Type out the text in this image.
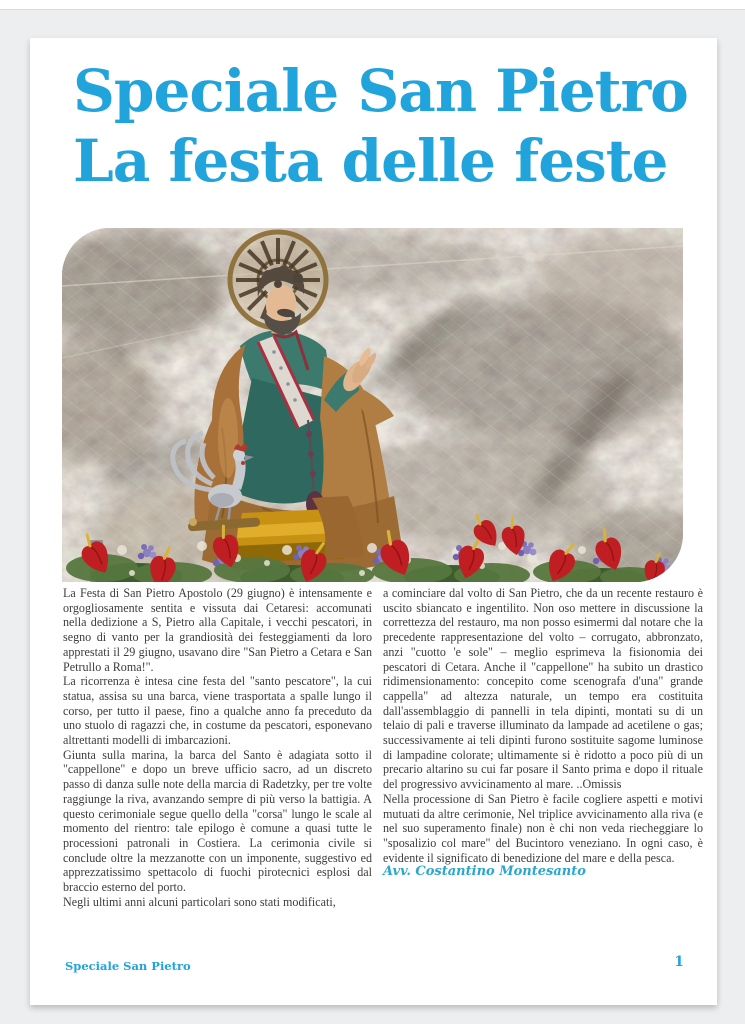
Speciale San Pietro
La festa delle feste

La Festa di San Pietro Apostolo (29 giugno) è intensamente e orgogliosamente sentita e vissuta dai Cetaresi: accomunati nella dedizione a S, Pietro alla Capitale, i vecchi pescatori, in segno di vanto per la grandiosità dei festeggiamenti da loro apprestati il 29 giugno, usavano dire "San Pietro a Cetara e San Petrullo a Roma!".

La ricorrenza è intesa cine festa del "santo pescatore", la cui statua, assisa su una barca, viene trasportata a spalle lungo il corso, per tutto il paese, fino a qualche anno fa preceduto da uno stuolo di ragazzi che, in costume da pescatori, esponevano altrettanti modelli di imbarcazioni.

Giunta sulla marina, la barca del Santo è adagiata sotto il "cappellone" e dopo un breve ufficio sacro, ad un discreto passo di danza sulle note della marcia di Radetzky, per tre volte raggiunge la riva, avanzando sempre di più verso la battigia. A questo cerimoniale segue quello della "corsa" lungo le scale al momento del rientro: tale epilogo è comune a quasi tutte le processioni patronali in Costiera. La cerimonia civile si conclude oltre la mezzanotte con un imponente, suggestivo ed apprezzatissimo spettacolo di fuochi pirotecnici esplosi dal braccio esterno del porto.

Negli ultimi anni alcuni particolari sono stati modificati,

a cominciare dal volto di San Pietro, che da un recente restauro è uscito sbiancato e ingentilito. Non oso mettere in discussione la correttezza del restauro, ma non posso esimermi dal notare che la precedente rappresentazione del volto – corrugato, abbronzato, anzi "cuotto 'e sole" – meglio esprimeva la fisionomia dei pescatori di Cetara. Anche il "cappellone" ha subito un drastico ridimensionamento: concepito come scenografa d'una" grande cappella" ad altezza naturale, un tempo era costituita dall'assemblaggio di pannelli in tela dipinti, montati su di un telaio di pali e traverse illuminato da lampade ad acetilene o gas; successivamente ai teli dipinti furono sostituite sagome luminose di lampadine colorate; ultimamente si è ridotto a poco più di un precario altarino su cui far posare il Santo prima e dopo il rituale del progressivo avvicinamento al mare. ..Omissis

Nella processione di San Pietro è facile cogliere aspetti e motivi mutuati da altre cerimonie, Nel triplice avvicinamento alla riva (e nel suo superamento finale) non è chi non veda riecheggiare lo "sposalizio col mare" del Bucintoro veneziano. In ogni caso, è evidente il significato di benedizione del mare e della pesca.

Avv. Costantino Montesanto

Speciale San Pietro	1
